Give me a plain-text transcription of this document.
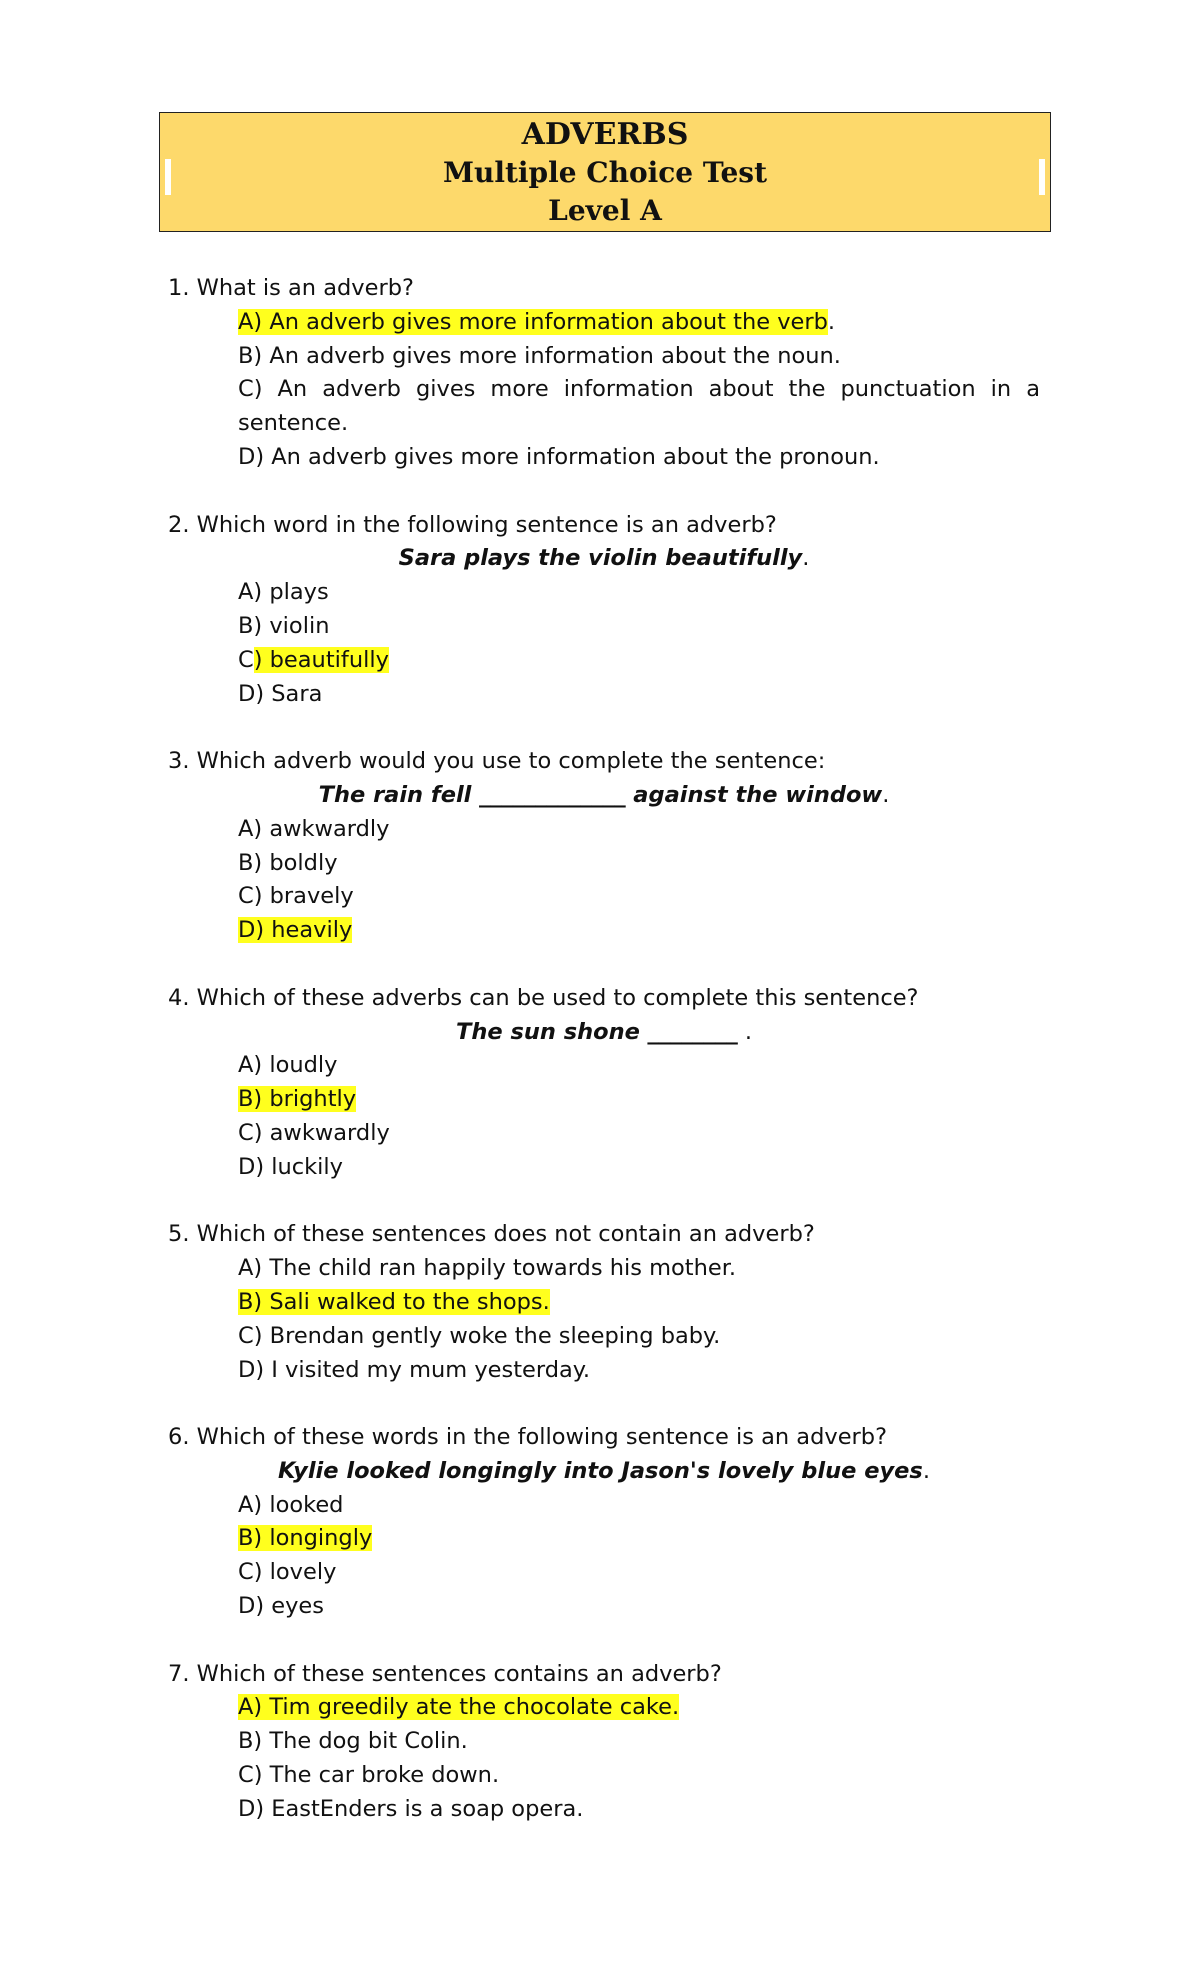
ADVERBS
Multiple Choice Test
Level A
1. What is an adverb?
A) An adverb gives more information about the verb.
B) An adverb gives more information about the noun.
C) An adverb gives more information about the punctuation in a sentence.
D) An adverb gives more information about the pronoun.
2. Which word in the following sentence is an adverb?
Sara plays the violin beautifully.
A) plays
B) violin
C) beautifully
D) Sara
3. Which adverb would you use to complete the sentence:
The rain fell _____________ against the window.
A) awkwardly
B) boldly
C) bravely
D) heavily
4. Which of these adverbs can be used to complete this sentence?
The sun shone ________ .
A) loudly
B) brightly
C) awkwardly
D) luckily
5. Which of these sentences does not contain an adverb?
A) The child ran happily towards his mother.
B) Sali walked to the shops.
C) Brendan gently woke the sleeping baby.
D) I visited my mum yesterday.
6. Which of these words in the following sentence is an adverb?
Kylie looked longingly into Jason's lovely blue eyes.
A) looked
B) longingly
C) lovely
D) eyes
7. Which of these sentences contains an adverb?
A) Tim greedily ate the chocolate cake.
B) The dog bit Colin.
C) The car broke down.
D) EastEnders is a soap opera.
